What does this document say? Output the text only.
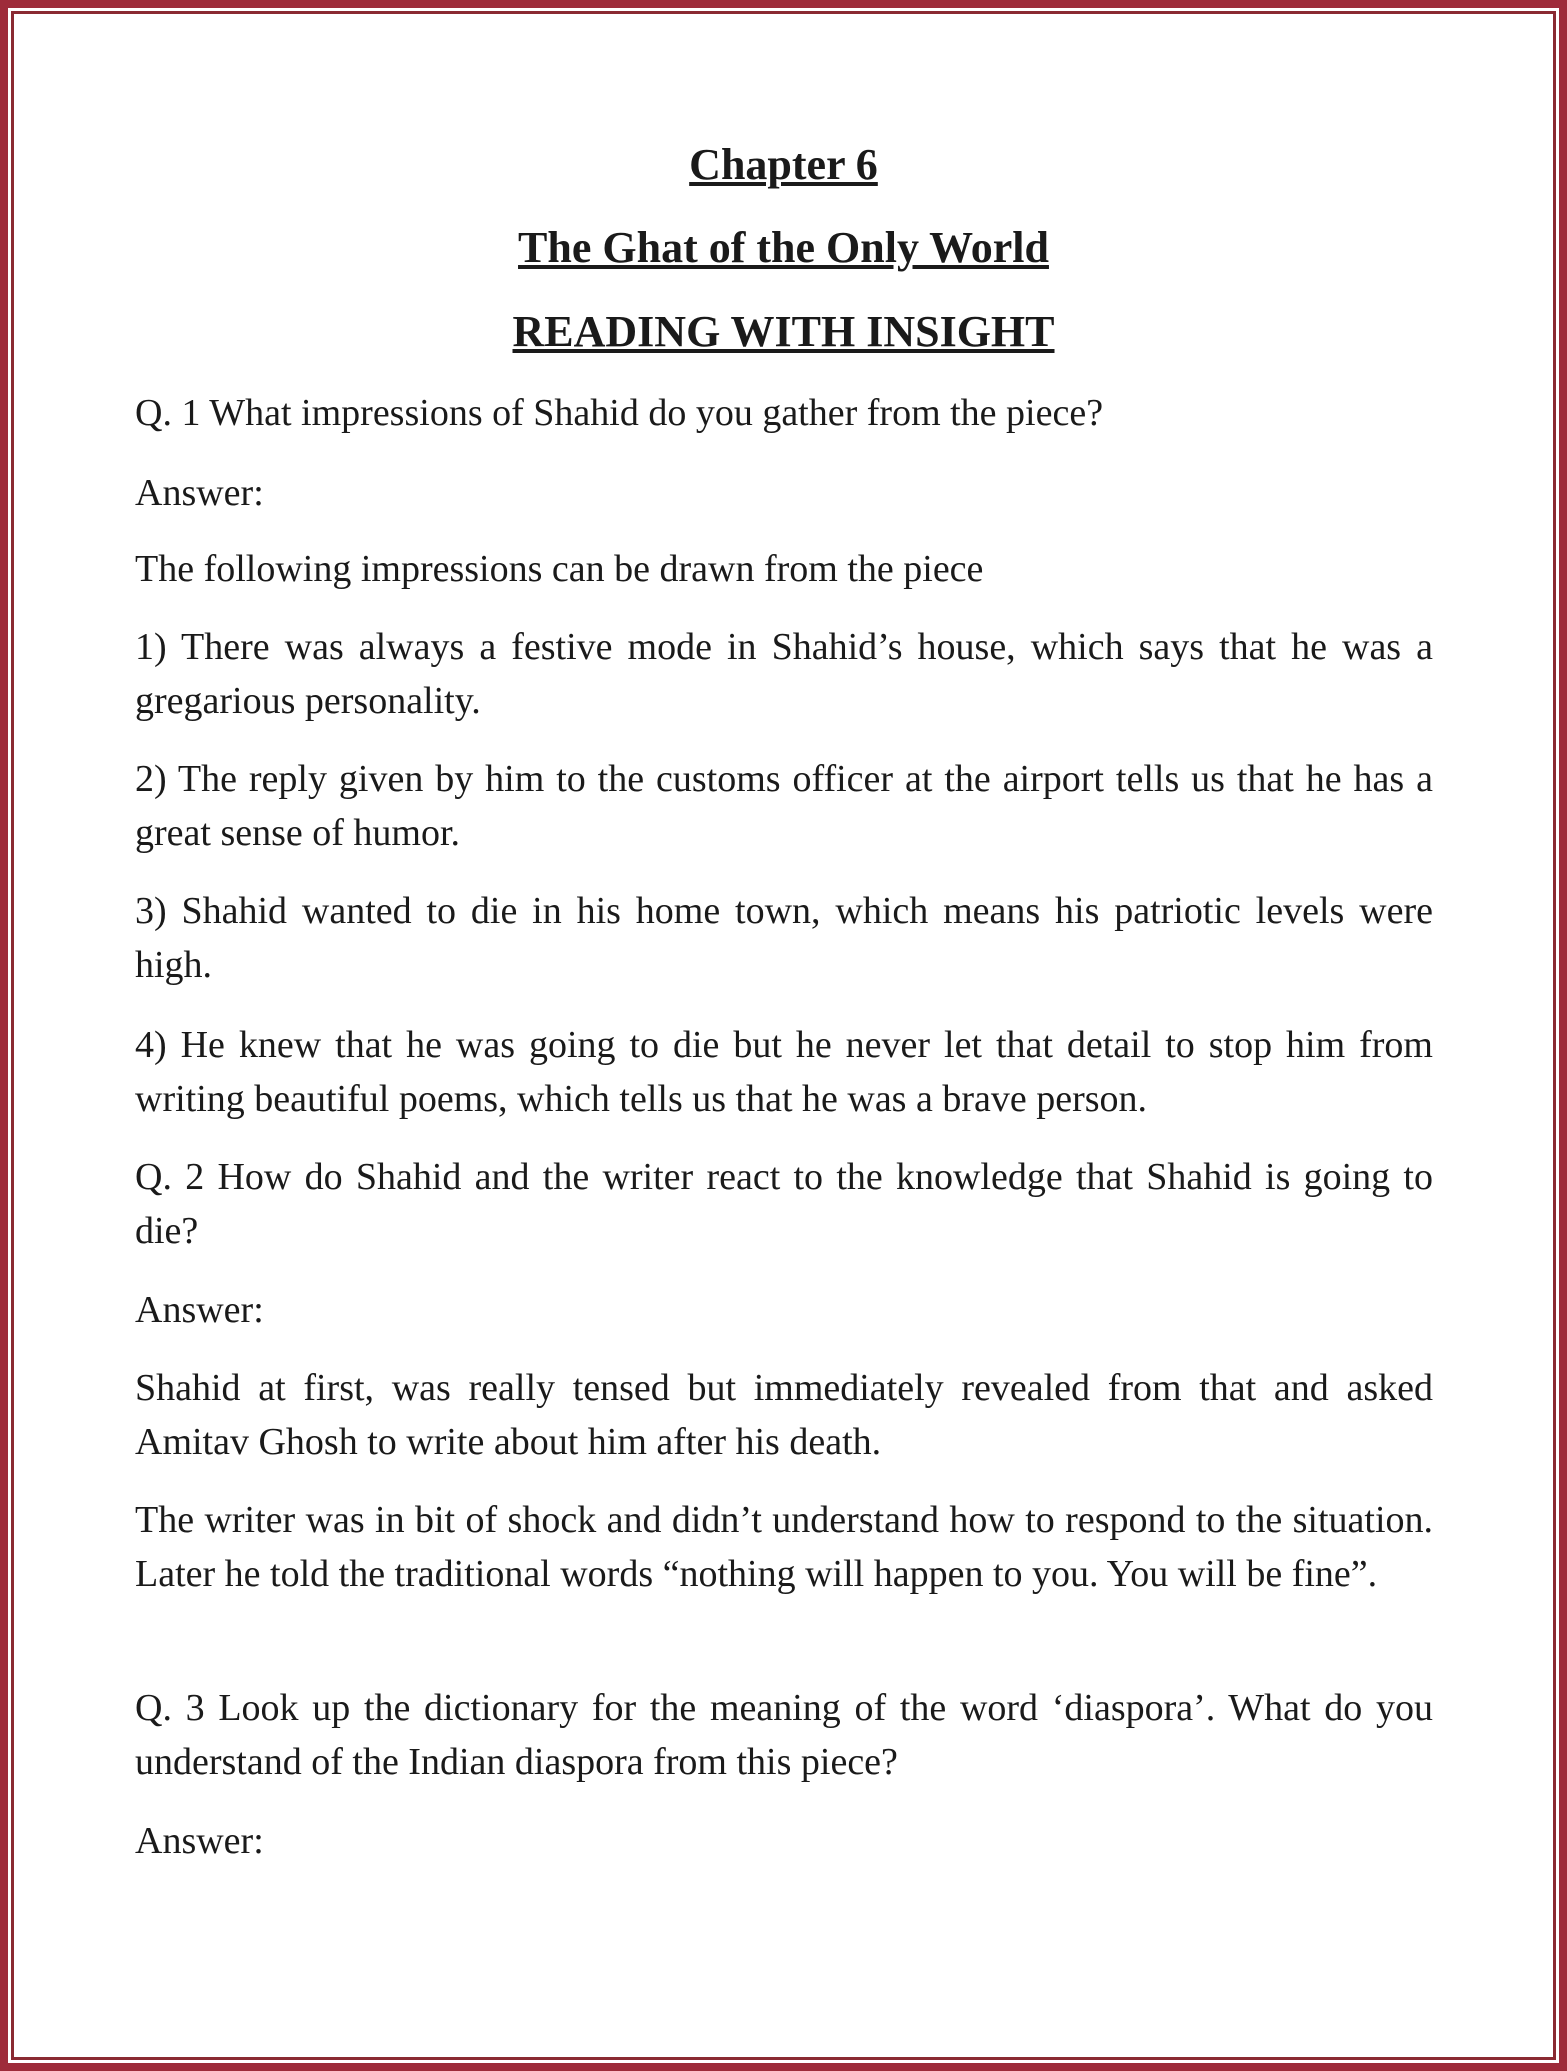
Chapter 6
The Ghat of the Only World
READING WITH INSIGHT

Q. 1 What impressions of Shahid do you gather from the piece?

Answer:

The following impressions can be drawn from the piece

1) There was always a festive mode in Shahid’s house, which says that he was a gregarious personality.

2) The reply given by him to the customs officer at the airport tells us that he has a great sense of humor.

3) Shahid wanted to die in his home town, which means his patriotic levels were high.

4) He knew that he was going to die but he never let that detail to stop him from writing beautiful poems, which tells us that he was a brave person.

Q. 2 How do Shahid and the writer react to the knowledge that Shahid is going to die?

Answer:

Shahid at first, was really tensed but immediately revealed from that and asked Amitav Ghosh to write about him after his death.

The writer was in bit of shock and didn’t understand how to respond to the situation. Later he told the traditional words “nothing will happen to you. You will be fine”.

Q. 3 Look up the dictionary for the meaning of the word ‘diaspora’. What do you understand of the Indian diaspora from this piece?

Answer:
